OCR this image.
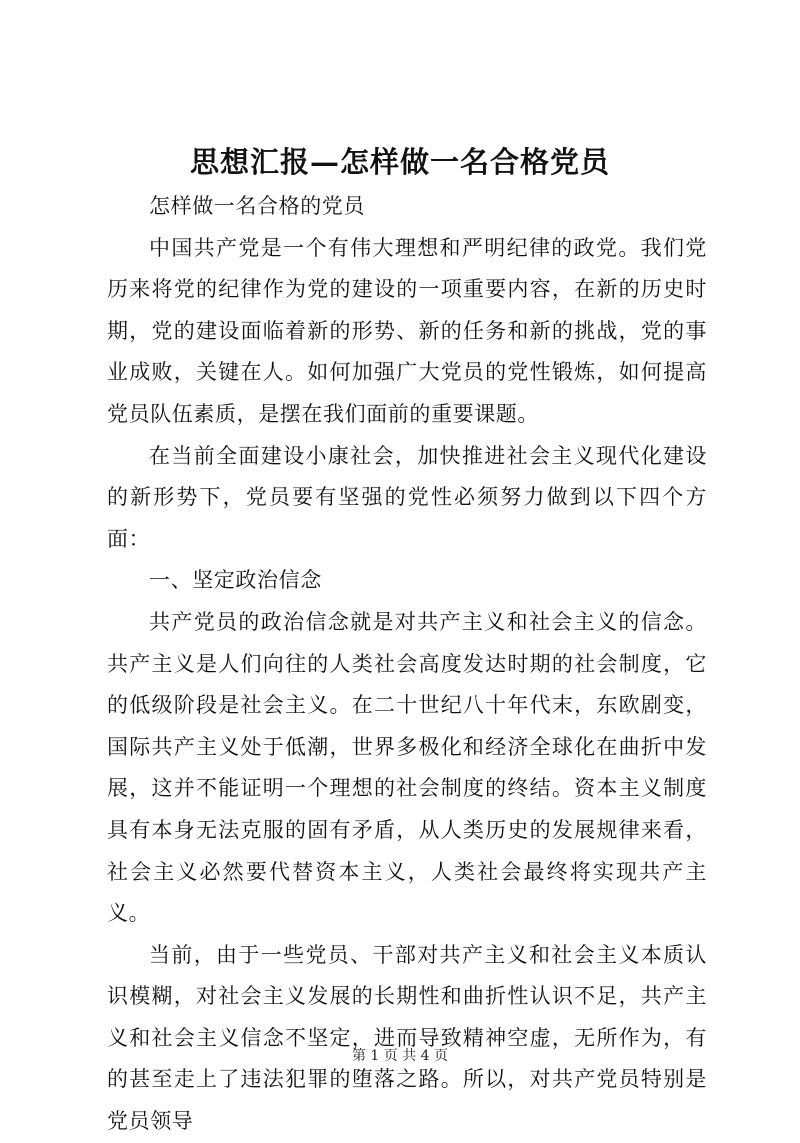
思想汇报—怎样做一名合格党员

怎样做一名合格的党员

中国共产党是一个有伟大理想和严明纪律的政党。我们党历来将党的纪律作为党的建设的一项重要内容，在新的历史时期，党的建设面临着新的形势、新的任务和新的挑战，党的事业成败，关键在人。如何加强广大党员的党性锻炼，如何提高党员队伍素质，是摆在我们面前的重要课题。

在当前全面建设小康社会，加快推进社会主义现代化建设的新形势下，党员要有坚强的党性必须努力做到以下四个方面：

一、坚定政治信念

共产党员的政治信念就是对共产主义和社会主义的信念。共产主义是人们向往的人类社会高度发达时期的社会制度，它的低级阶段是社会主义。在二十世纪八十年代末，东欧剧变，国际共产主义处于低潮，世界多极化和经济全球化在曲折中发展，这并不能证明一个理想的社会制度的终结。资本主义制度具有本身无法克服的固有矛盾，从人类历史的发展规律来看，社会主义必然要代替资本主义，人类社会最终将实现共产主义。

当前，由于一些党员、干部对共产主义和社会主义本质认识模糊，对社会主义发展的长期性和曲折性认识不足，共产主义和社会主义信念不坚定，进而导致精神空虚，无所作为，有的甚至走上了违法犯罪的堕落之路。所以，对共产党员特别是党员领导

第 1 页 共 4 页
